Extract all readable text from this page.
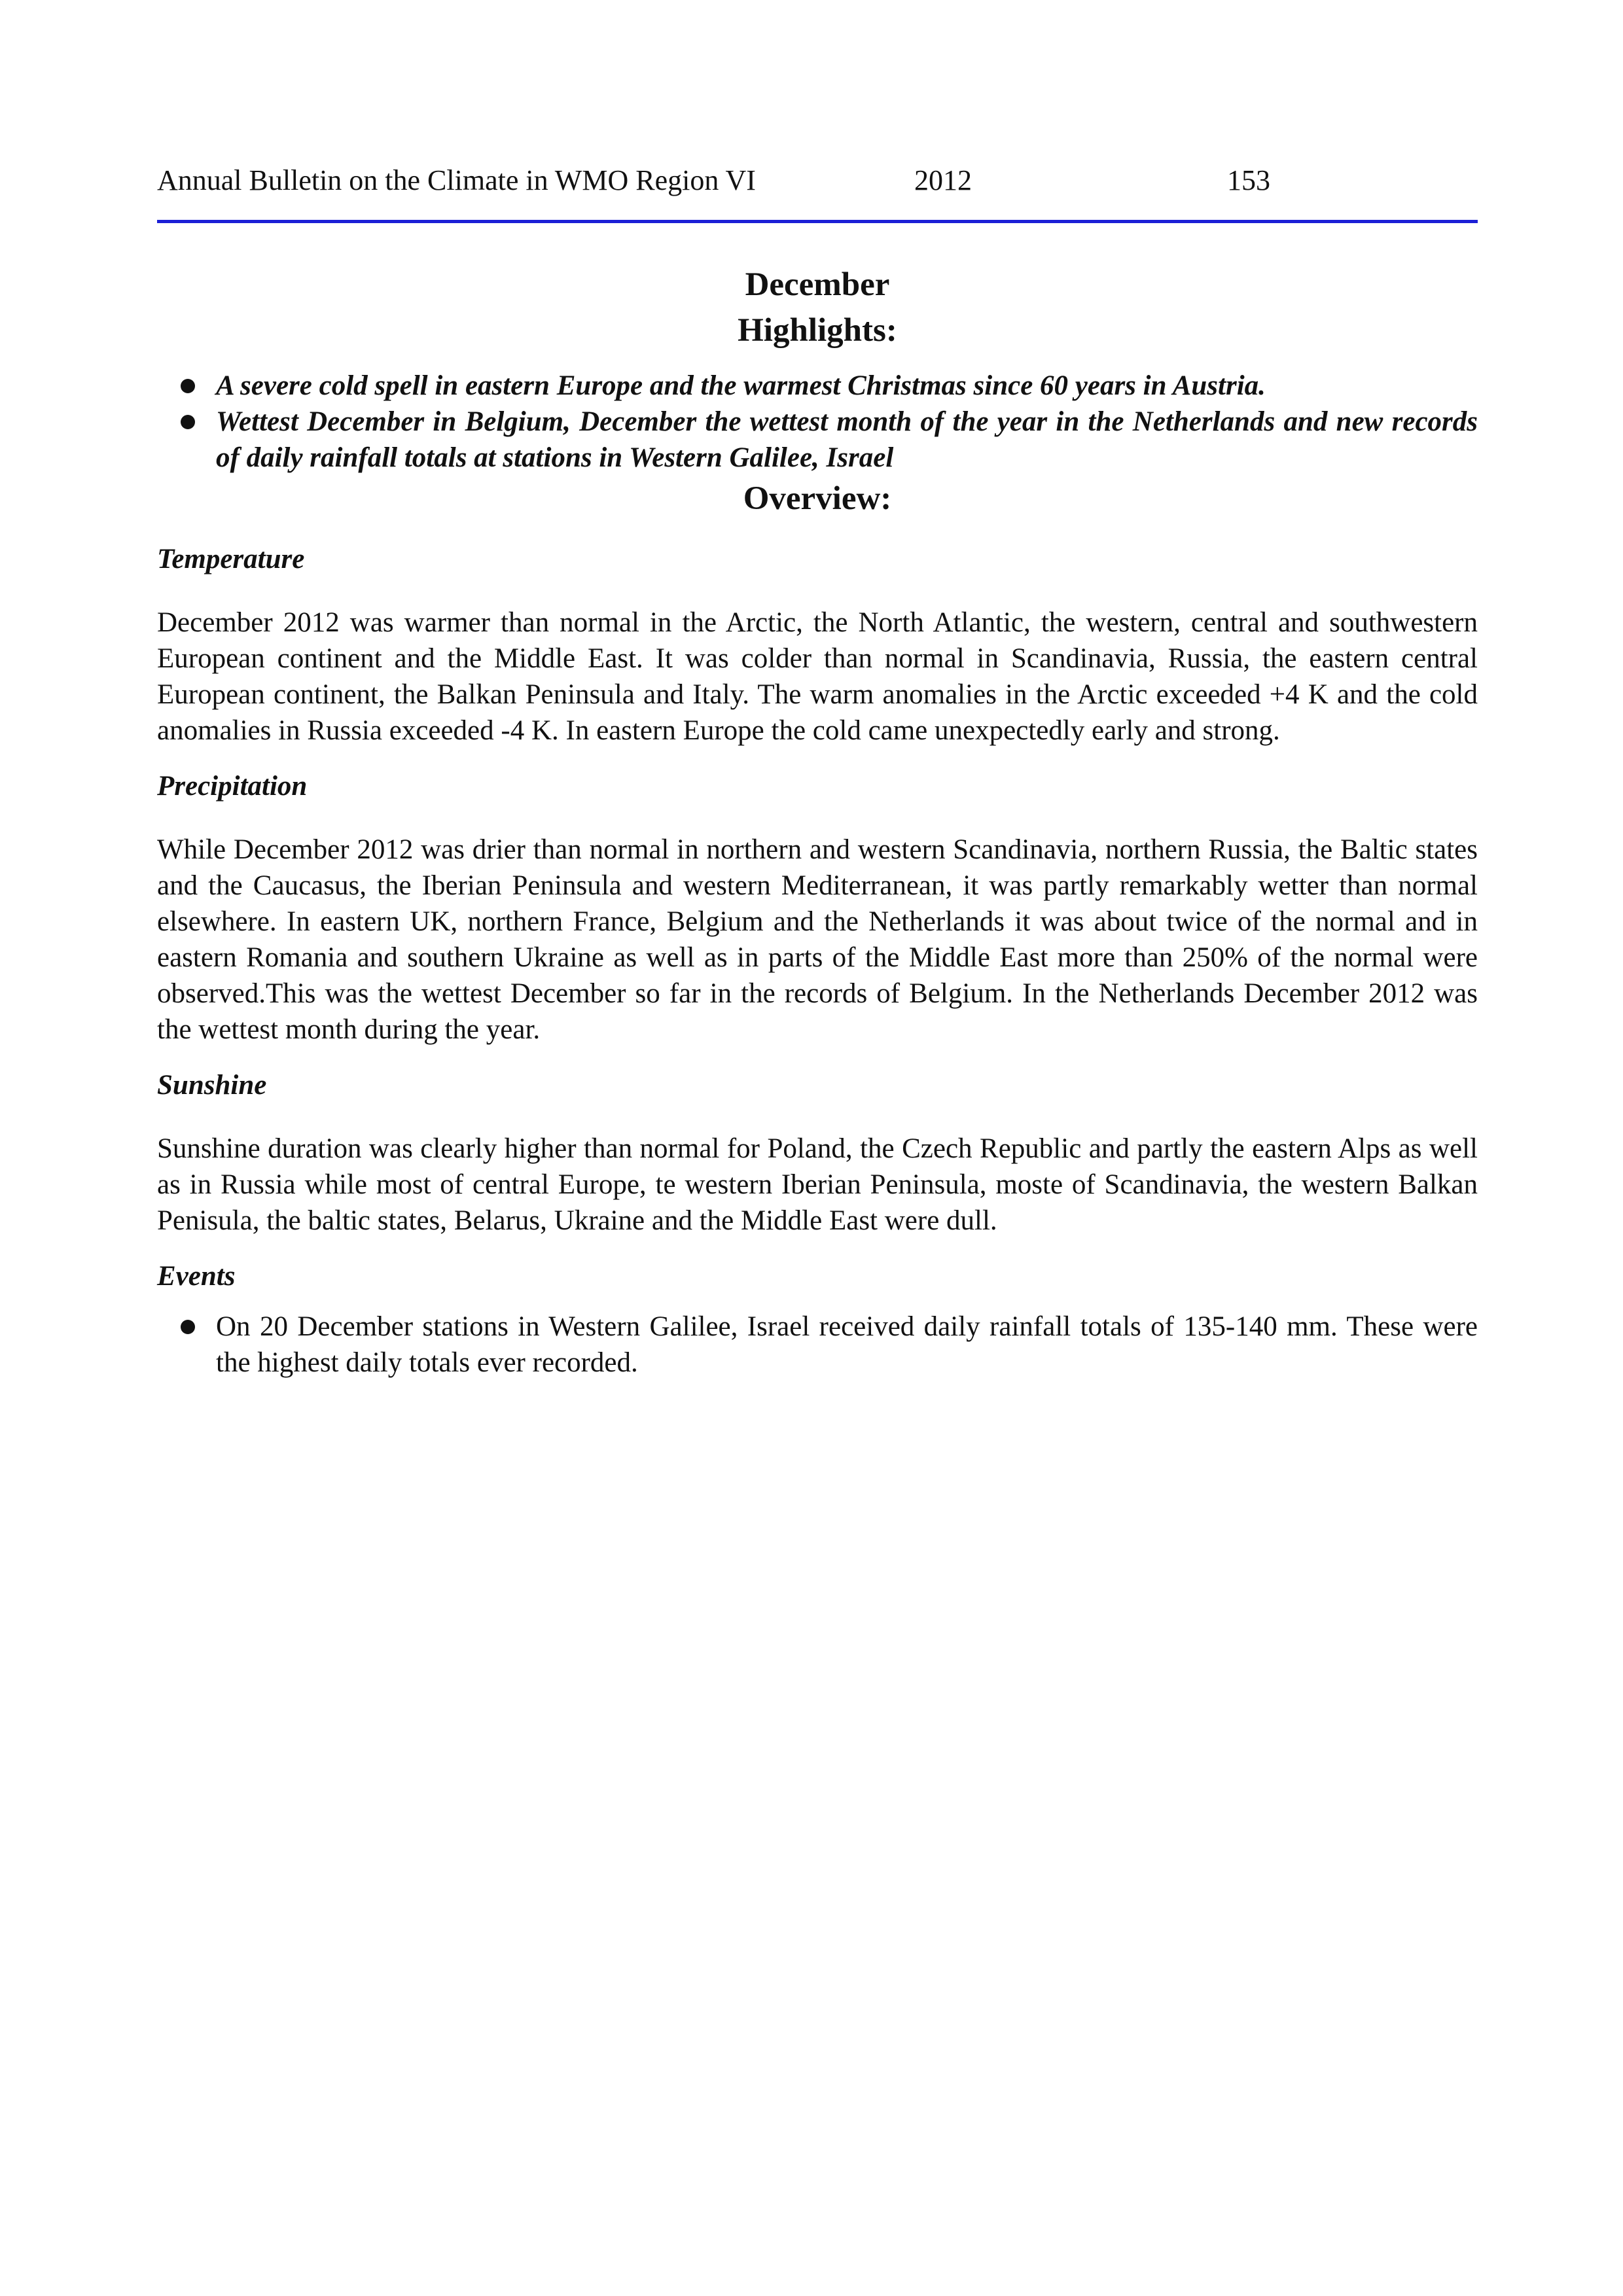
Annual Bulletin on the Climate in WMO Region VI	2012	153
December
Highlights:
A severe cold spell in eastern Europe and the warmest Christmas since 60 years in Austria.
Wettest December in Belgium, December the wettest month of the year in the Netherlands and new records of daily rainfall totals at stations in Western Galilee, Israel
Overview:
Temperature

December 2012 was warmer than normal in the Arctic, the North Atlantic, the western, central and southwestern European continent and the Middle East. It was colder than normal in Scandinavia, Russia, the eastern central European continent, the Balkan Peninsula and Italy. The warm anomalies in the Arctic exceeded +4 K and the cold anomalies in Russia exceeded -4 K. In eastern Europe the cold came unexpectedly early and strong.

Precipitation

While December 2012 was drier than normal in northern and western Scandinavia, northern Russia, the Baltic states and the Caucasus, the Iberian Peninsula and western Mediterranean, it was partly remarkably wetter than normal elsewhere. In eastern UK, northern France, Belgium and the Netherlands it was about twice of the normal and in eastern Romania and southern Ukraine as well as in parts of the Middle East more than 250% of the normal were observed.This was the wettest December so far in the records of Belgium. In the Netherlands December 2012 was the wettest month during the year.

Sunshine

Sunshine duration was clearly higher than normal for Poland, the Czech Republic and partly the eastern Alps as well as in Russia while most of central Europe, te western Iberian Peninsula, moste of Scandinavia, the western Balkan Penisula, the baltic states, Belarus, Ukraine and the Middle East were dull.

Events
On 20 December stations in Western Galilee, Israel received daily rainfall totals of 135-140 mm. These were the highest daily totals ever recorded.
